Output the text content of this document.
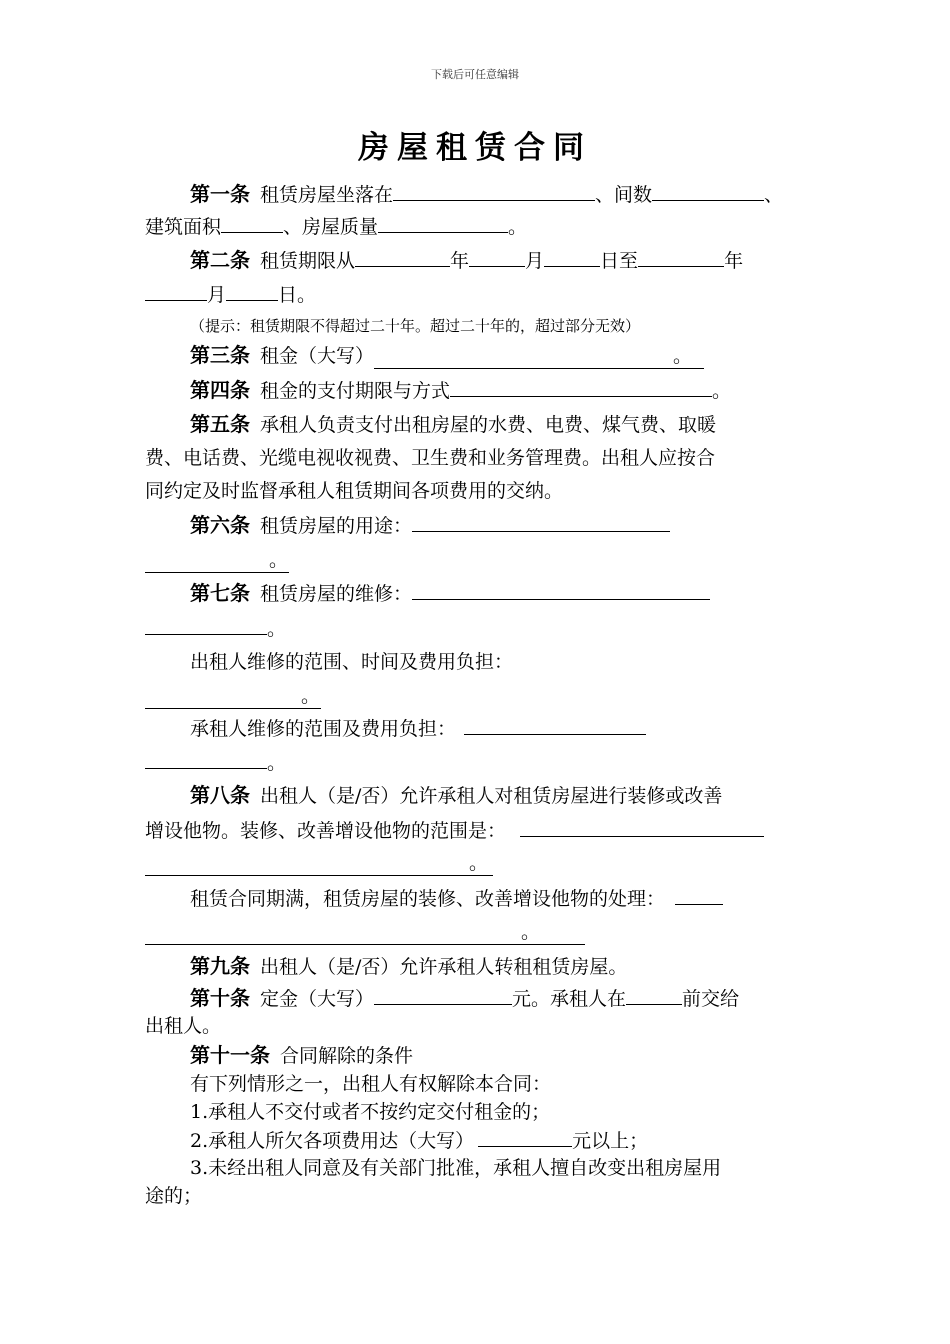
下载后可任意编辑
房屋租赁合同
第一条 租赁房屋坐落在	、间数	、
建筑面积	、房屋质量	。
第二条 租赁期限从	年	月	日至	年
月	日。
（提示：租赁期限不得超过二十年。超过二十年的，超过部分无效）
第三条 租金（大写）	。
第四条 租金的支付期限与方式	。
第五条 承租人负责支付出租房屋的水费、电费、煤气费、取暖
费、电话费、光缆电视收视费、卫生费和业务管理费。出租人应按合
同约定及时监督承租人租赁期间各项费用的交纳。
第六条 租赁房屋的用途：
。
第七条 租赁房屋的维修：
。
出租人维修的范围、时间及费用负担：
。
承租人维修的范围及费用负担：
。
第八条 出租人（是/否）允许承租人对租赁房屋进行装修或改善
增设他物。装修、改善增设他物的范围是：
。
租赁合同期满，租赁房屋的装修、改善增设他物的处理：
。
第九条 出租人（是/否）允许承租人转租租赁房屋。
第十条 定金（大写）	元。承租人在	前交给
出租人。
第十一条 合同解除的条件
有下列情形之一，出租人有权解除本合同：
1.承租人不交付或者不按约定交付租金的；
2.承租人所欠各项费用达（大写）	元以上；
3.未经出租人同意及有关部门批准，承租人擅自改变出租房屋用
途的；
